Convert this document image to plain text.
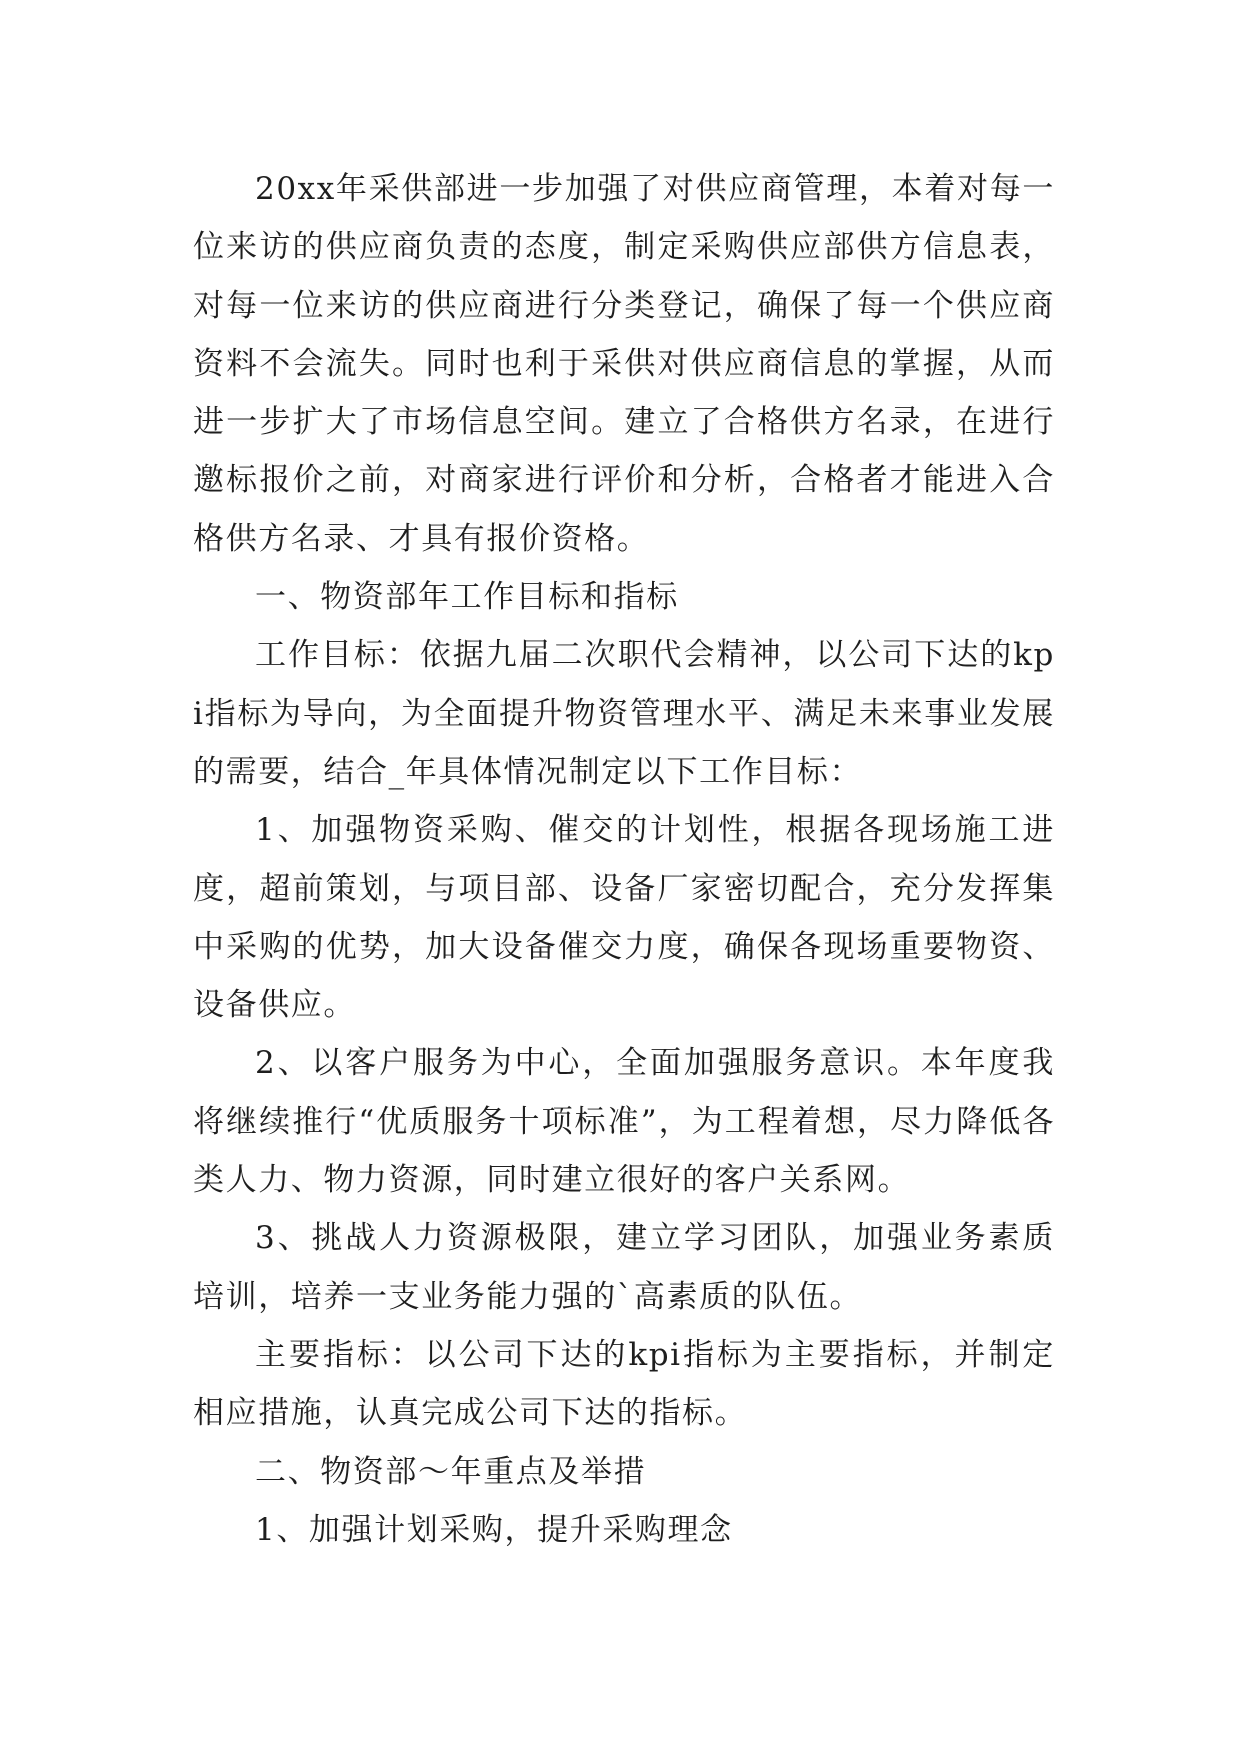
20xx年采供部进一步加强了对供应商管理，本着对每一位来访的供应商负责的态度，制定采购供应部供方信息表，对每一位来访的供应商进行分类登记，确保了每一个供应商资料不会流失。同时也利于采供对供应商信息的掌握，从而进一步扩大了市场信息空间。建立了合格供方名录，在进行邀标报价之前，对商家进行评价和分析，合格者才能进入合格供方名录、才具有报价资格。

一、物资部年工作目标和指标

工作目标：依据九届二次职代会精神，以公司下达的kpi指标为导向，为全面提升物资管理水平、满足未来事业发展的需要，结合_年具体情况制定以下工作目标：

1、加强物资采购、催交的计划性，根据各现场施工进度，超前策划，与项目部、设备厂家密切配合，充分发挥集中采购的优势，加大设备催交力度，确保各现场重要物资、设备供应。

2、以客户服务为中心，全面加强服务意识。本年度我将继续推行“优质服务十项标准”，为工程着想，尽力降低各类人力、物力资源，同时建立很好的客户关系网。

3、挑战人力资源极限，建立学习团队，加强业务素质培训，培养一支业务能力强的`高素质的队伍。

主要指标：以公司下达的kpi指标为主要指标，并制定相应措施，认真完成公司下达的指标。

二、物资部～年重点及举措

1、加强计划采购，提升采购理念
